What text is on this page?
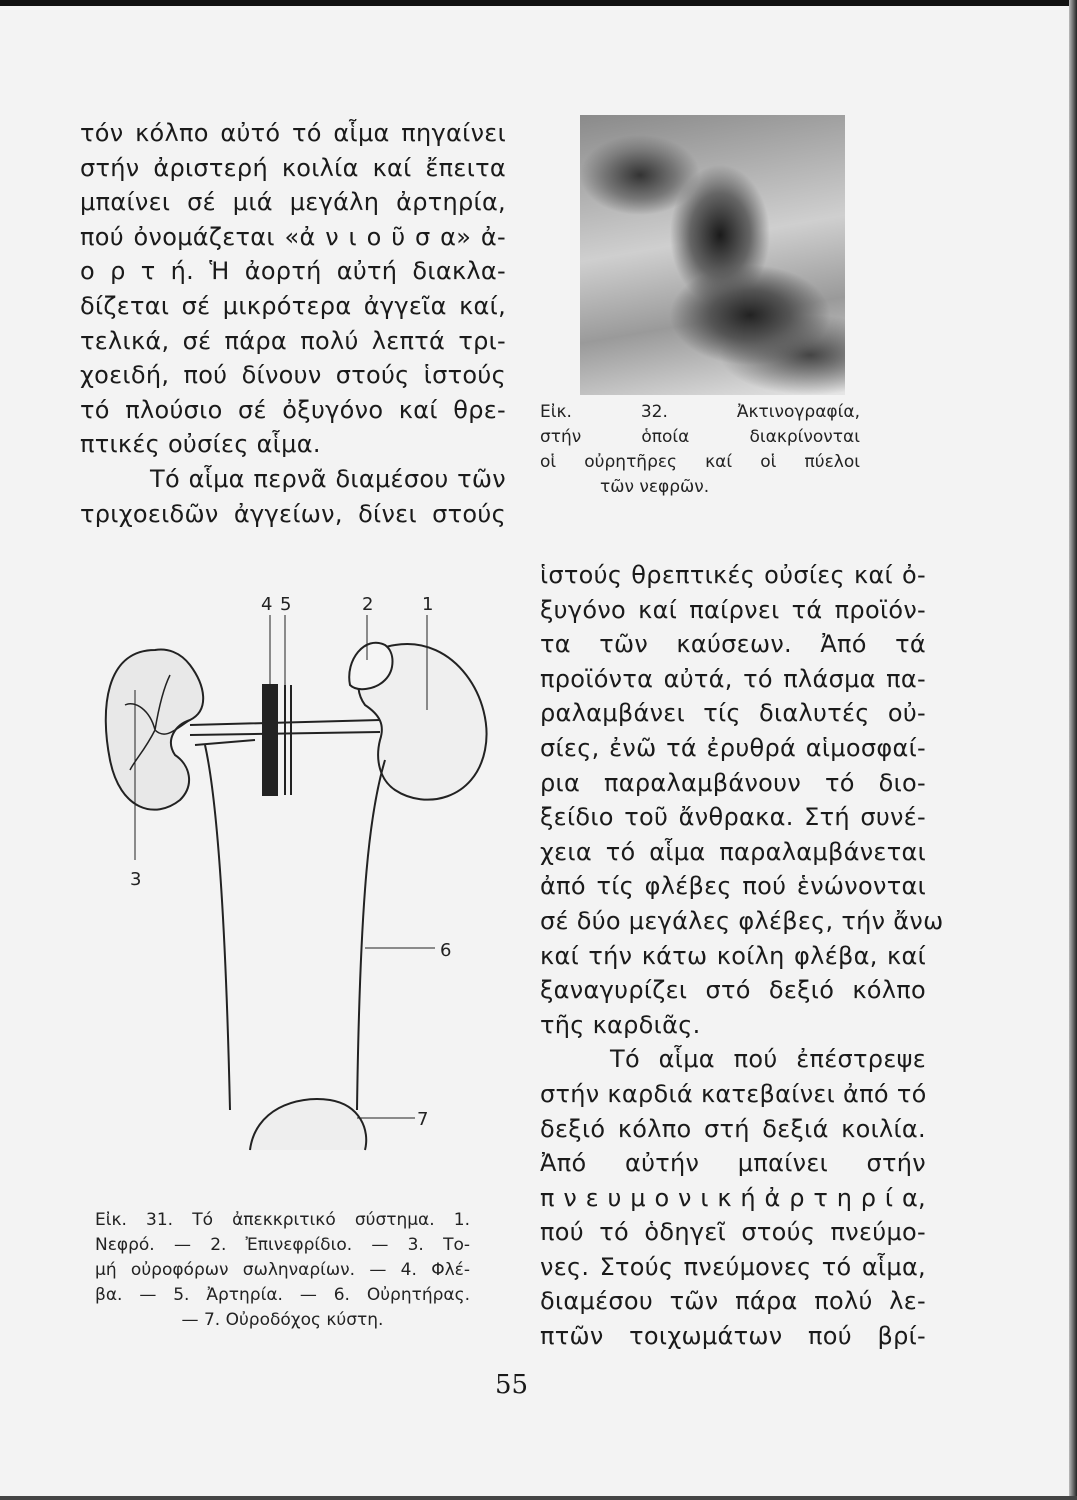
τόν κόλπο αὐτό τό αἷμα πηγαίνει
στήν ἀριστερή κοιλία καί ἔπειτα
μπαίνει σέ μιά μεγάλη ἀρτηρία,
πού ὀνομάζεται «ἀ ν ι ο ῦ σ α» ἀ-
ο ρ τ ή. Ἡ ἀορτή αὐτή διακλα-
δίζεται σέ μικρότερα ἀγγεῖα καί,
τελικά, σέ πάρα πολύ λεπτά τρι-
χοειδή, πού δίνουν στούς ἱστούς
τό πλούσιο σέ ὀξυγόνο καί θρε-
πτικές οὐσίες αἷμα.
Τό αἷμα περνᾶ διαμέσου τῶν
τριχοειδῶν ἀγγείων, δίνει στούς
Εἰκ. 32. Ἀκτινογραφία,
στήν ὁποία διακρίνονται
οἱ οὐρητῆρες καί οἱ πύελοι
τῶν νεφρῶν.
1
2
3
4 5
6
7
Εἰκ. 31. Τό ἀπεκκριτικό σύστημα. 1.
Νεφρό. — 2. Ἐπινεφρίδιο. — 3. Το-
μή οὐροφόρων σωληναρίων. — 4. Φλέ-
βα. — 5. Ἀρτηρία. — 6. Οὐρητήρας.
— 7. Οὐροδόχος κύστη.
ἱστούς θρεπτικές οὐσίες καί ὀ-
ξυγόνο καί παίρνει τά προϊόν-
τα τῶν καύσεων. Ἀπό τά
προϊόντα αὐτά, τό πλάσμα πα-
ραλαμβάνει τίς διαλυτές οὐ-
σίες, ἐνῶ τά ἐρυθρά αἱμοσφαί-
ρια παραλαμβάνουν τό διο-
ξείδιο τοῦ ἄνθρακα. Στή συνέ-
χεια τό αἷμα παραλαμβάνεται
ἀπό τίς φλέβες πού ἑνώνονται
σέ δύο μεγάλες φλέβες, τήν ἄνω
καί τήν κάτω κοίλη φλέβα, καί
ξαναγυρίζει στό δεξιό κόλπο
τῆς καρδιᾶς.
Τό αἷμα πού ἐπέστρεψε
στήν καρδιά κατεβαίνει ἀπό τό
δεξιό κόλπο στή δεξιά κοιλία.
Ἀπό αὐτήν μπαίνει στήν
π ν ε υ μ ο ν ι κ ή ἀ ρ τ η ρ ί α,
πού τό ὁδηγεῖ στούς πνεύμο-
νες. Στούς πνεύμονες τό αἷμα,
διαμέσου τῶν πάρα πολύ λε-
πτῶν τοιχωμάτων πού βρί-
55
